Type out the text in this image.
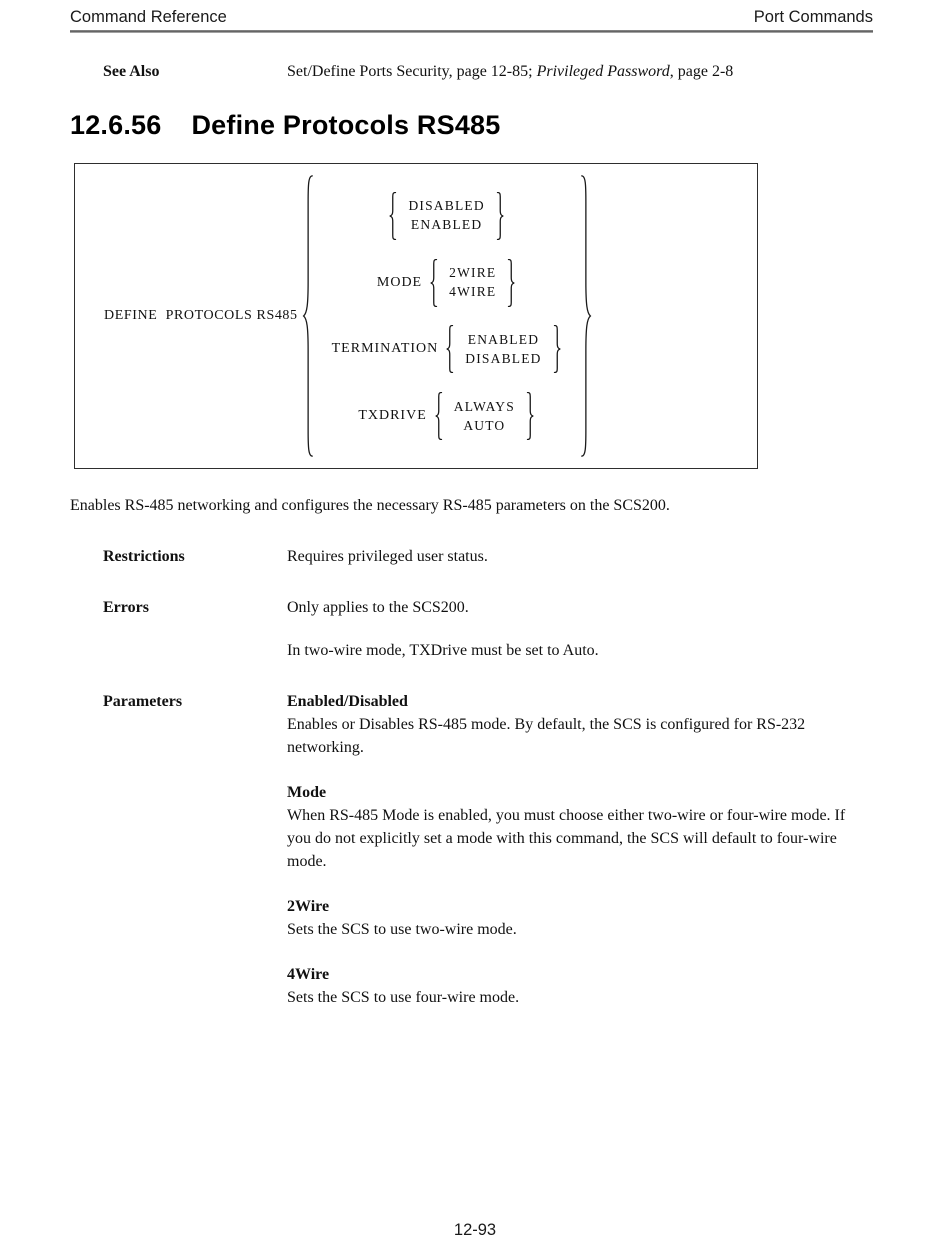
Command Reference	Port Commands
See Also	Set/Define Ports Security, page 12-85; Privileged Password, page 2-8
12.6.56 Define Protocols RS485
DEFINE  PROTOCOLS RS485
DISABLED
ENABLED
MODE
2WIRE
4WIRE
TERMINATION
ENABLED
DISABLED
TXDRIVE
ALWAYS
AUTO
Enables RS-485 networking and configures the necessary RS-485 parameters on the SCS200.
Restrictions	Requires privileged user status.
Errors	Only applies to the SCS200.
In two-wire mode, TXDrive must be set to Auto.
Parameters	Enabled/Disabled
Enables or Disables RS-485 mode. By default, the SCS is configured for RS-232 networking.
Mode
When RS-485 Mode is enabled, you must choose either two-wire or four-wire mode. If you do not explicitly set a mode with this command, the SCS will default to four-wire mode.
2Wire
Sets the SCS to use two-wire mode.
4Wire
Sets the SCS to use four-wire mode.
12-93
